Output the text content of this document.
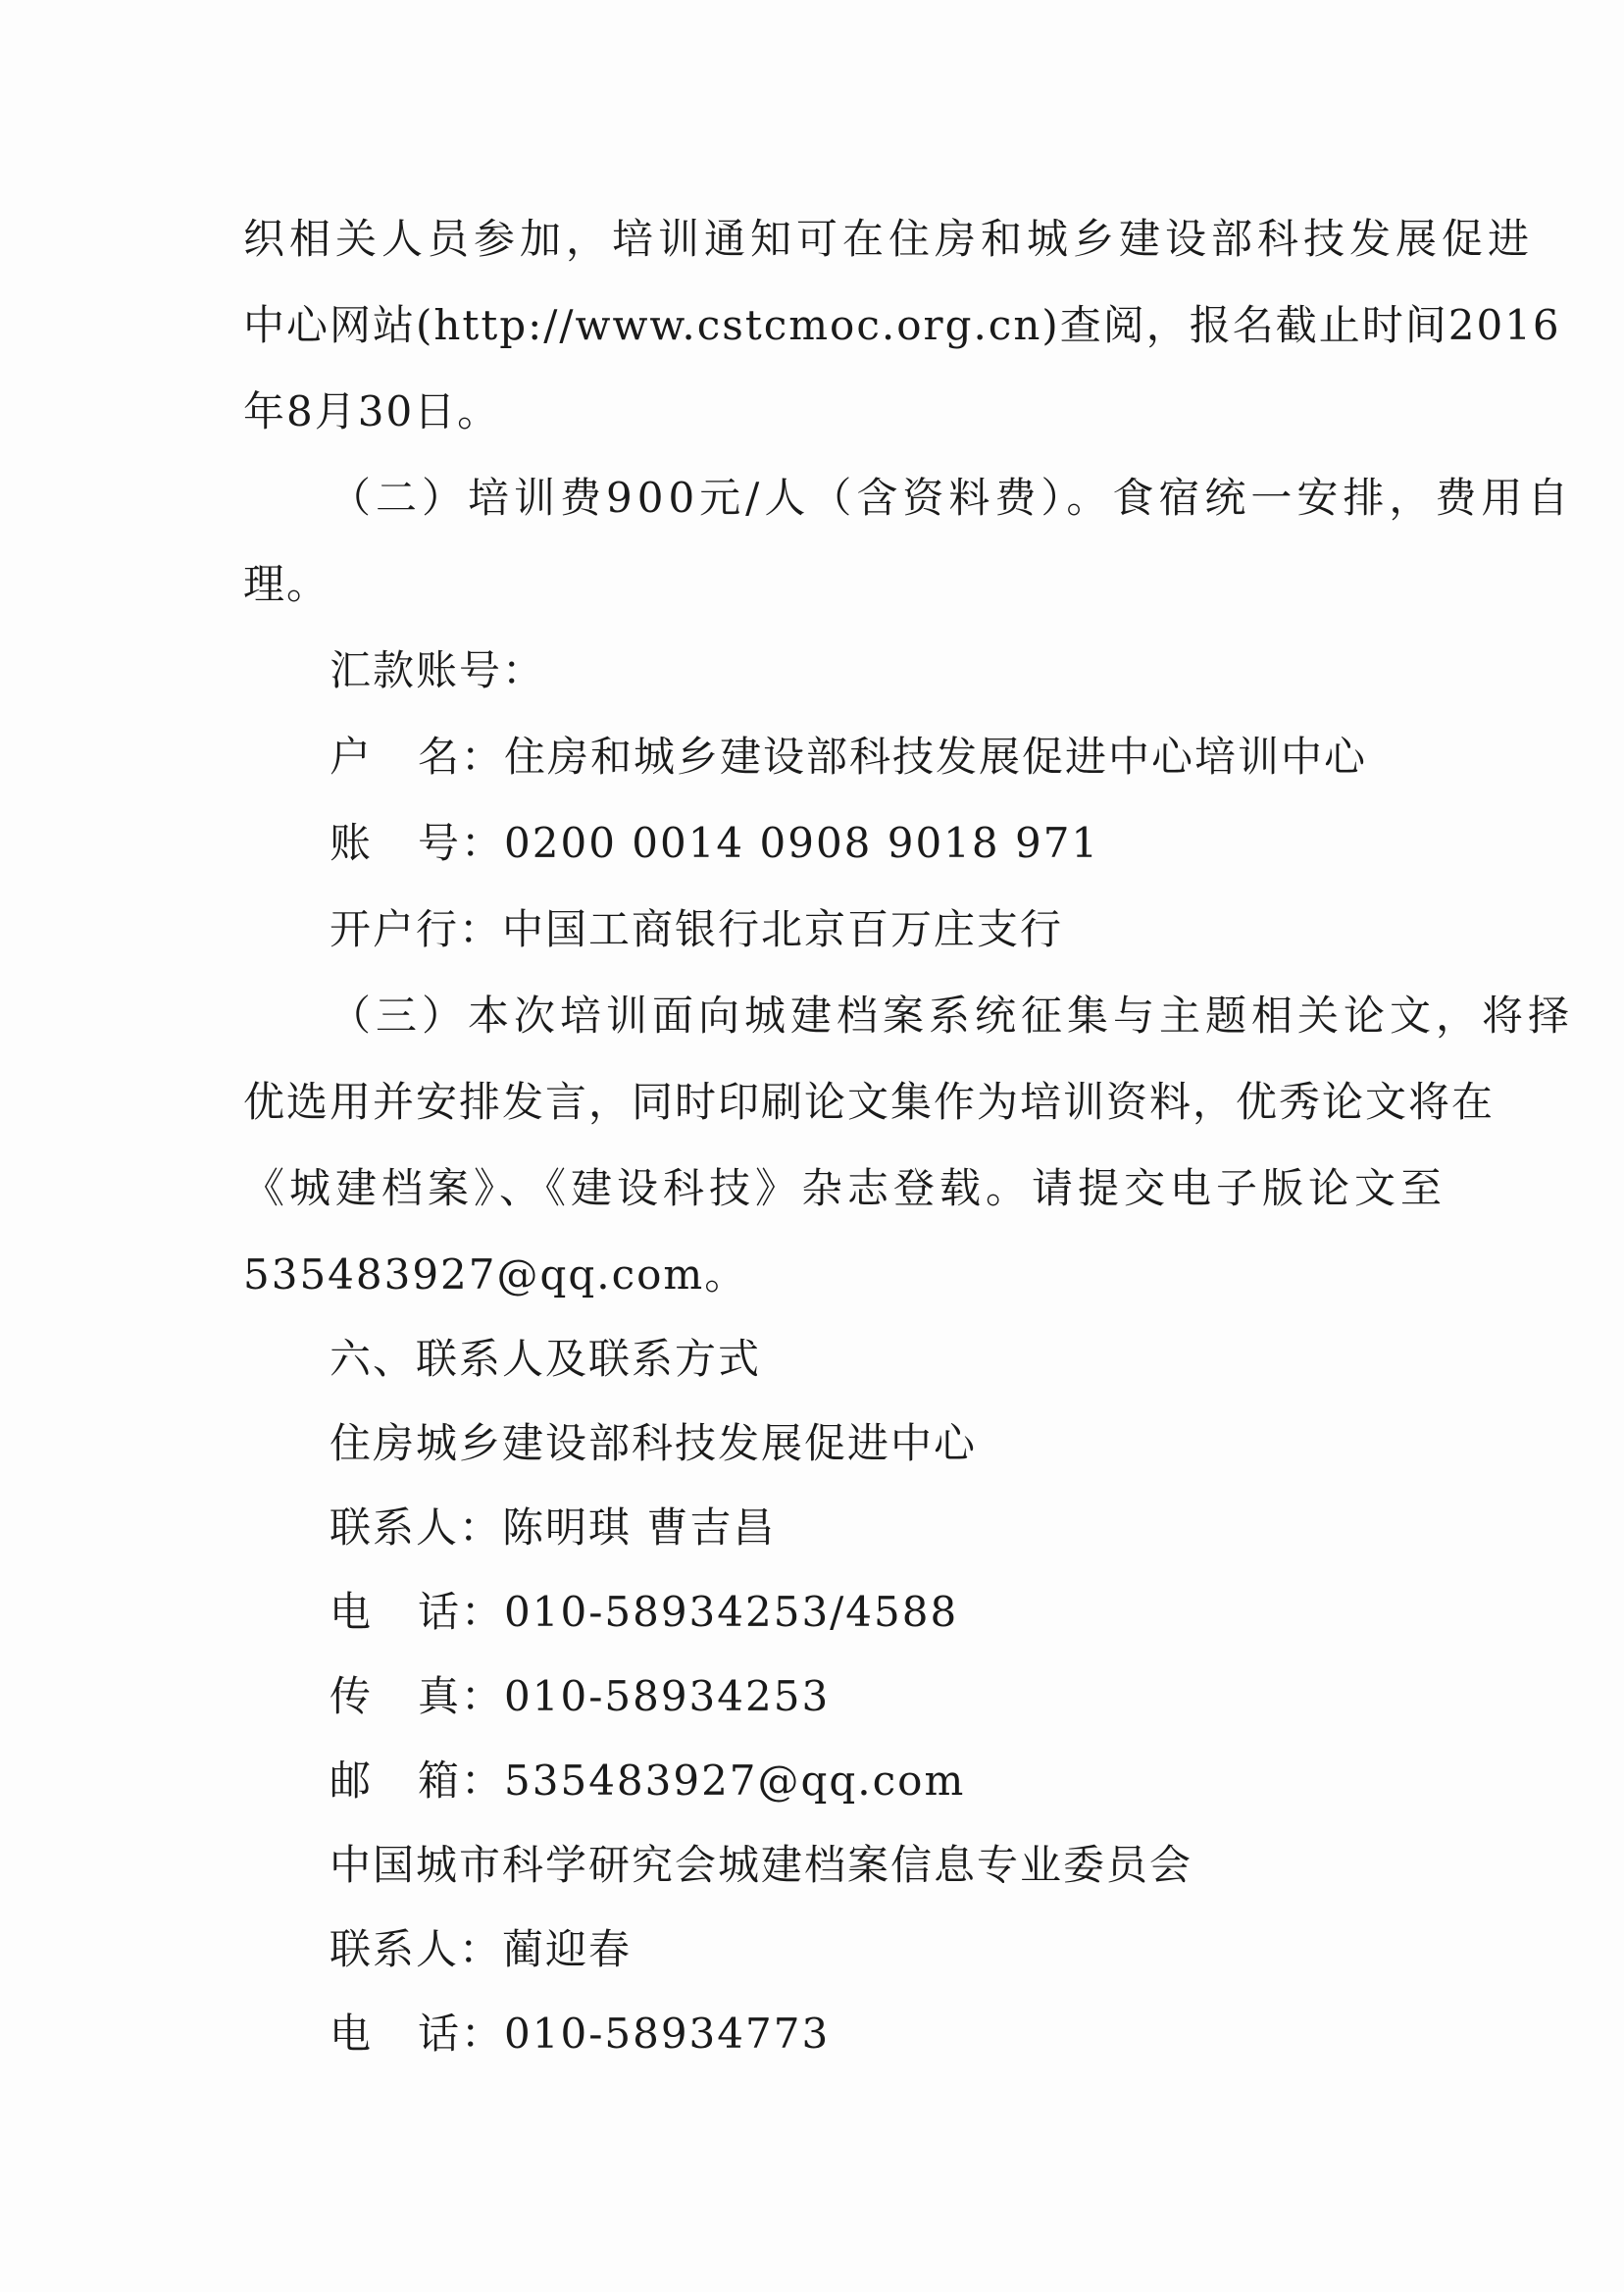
织相关人员参加，培训通知可在住房和城乡建设部科技发展促进
中心网站(http://www.cstcmoc.org.cn)查阅，报名截止时间2016
年8月30日。
（二）培训费900元/人（含资料费）。食宿统一安排，费用自
理。
汇款账号：
户 名：住房和城乡建设部科技发展促进中心培训中心
账 号：0200 0014 0908 9018 971
开户行：中国工商银行北京百万庄支行
（三）本次培训面向城建档案系统征集与主题相关论文，将择
优选用并安排发言，同时印刷论文集作为培训资料，优秀论文将在
《城建档案》、《建设科技》杂志登载。请提交电子版论文至
535483927@qq.com。
六、联系人及联系方式
住房城乡建设部科技发展促进中心
联系人：陈明琪 曹吉昌
电 话：010-58934253/4588
传 真：010-58934253
邮 箱：535483927@qq.com
中国城市科学研究会城建档案信息专业委员会
联系人：蔺迎春
电 话：010-58934773
